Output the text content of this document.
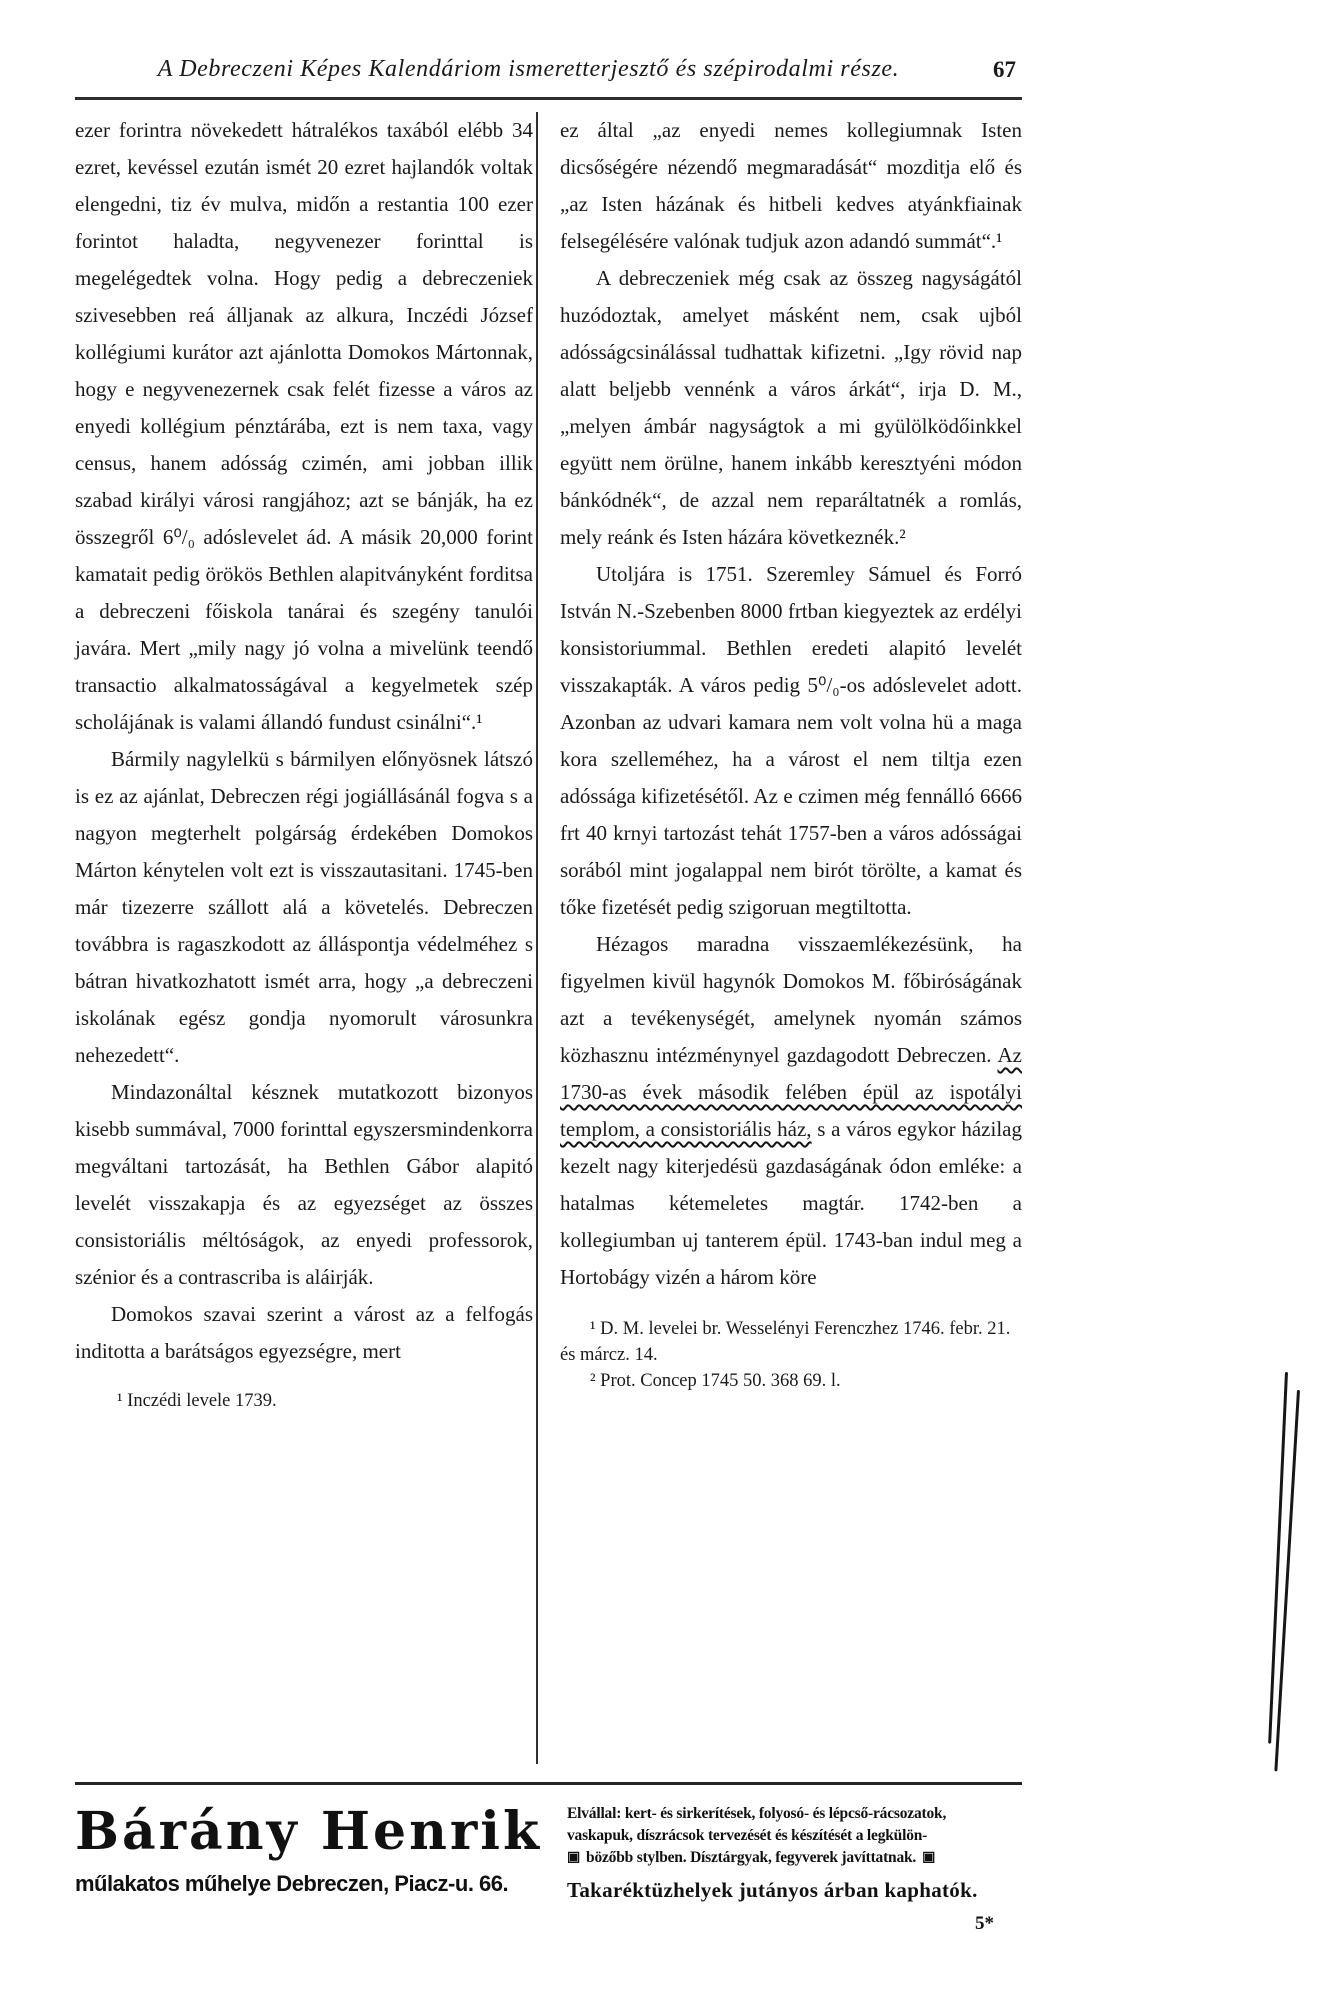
A Debreczeni Képes Kalendáriom ismeretterjesztő és szépirodalmi része.	67

ezer forintra növekedett hátralékos taxából elébb 34 ezret, kevéssel ezután ismét 20 ezret hajlandók voltak elengedni, tiz év mulva, midőn a restantia 100 ezer forintot haladta, negyvenezer forinttal is megelégedtek volna. Hogy pedig a debreczeniek szivesebben reá álljanak az alkura, Inczédi József kollégiumi kurátor azt ajánlotta Domokos Mártonnak, hogy e negyvenezernek csak felét fizesse a város az enyedi kollégium pénztárába, ezt is nem taxa, vagy census, hanem adósság czimén, ami jobban illik szabad királyi városi rangjához; azt se bánják, ha ez összegről 6⁰/₀ adóslevelet ád. A másik 20,000 forint kamatait pedig örökös Bethlen alapitványként forditsa a debreczeni főiskola tanárai és szegény tanulói javára. Mert „mily nagy jó volna a mivelünk teendő transactio alkalmatosságával a kegyelmetek szép scholájának is valami állandó fundust csinálni“.¹

Bármily nagylelkü s bármilyen előnyösnek látszó is ez az ajánlat, Debreczen régi jogiállásánál fogva s a nagyon megterhelt polgárság érdekében Domokos Márton kénytelen volt ezt is visszautasitani. 1745-ben már tizezerre szállott alá a követelés. Debreczen továbbra is ragaszkodott az álláspontja védelméhez s bátran hivatkozhatott ismét arra, hogy „a debreczeni iskolának egész gondja nyomorult városunkra nehezedett“.

Mindazonáltal késznek mutatkozott bizonyos kisebb summával, 7000 forinttal egyszersmindenkorra megváltani tartozását, ha Bethlen Gábor alapitó levelét visszakapja és az egyezséget az összes consistoriális méltóságok, az enyedi professorok, szénior és a contrascriba is aláirják.

Domokos szavai szerint a várost az a felfogás inditotta a barátságos egyezségre, mert

¹ Inczédi levele 1739.

ez által „az enyedi nemes kollegiumnak Isten dicsőségére nézendő megmaradását“ mozditja elő és „az Isten házának és hitbeli kedves atyánkfiainak felsegélésére valónak tudjuk azon adandó summát“.¹

A debreczeniek még csak az összeg nagyságától huzódoztak, amelyet másként nem, csak ujból adósságcsinálással tudhattak kifizetni. „Igy rövid nap alatt beljebb vennénk a város árkát“, irja D. M., „melyen ámbár nagyságtok a mi gyülölködőinkkel együtt nem örülne, hanem inkább keresztyéni módon bánkódnék“, de azzal nem reparáltatnék a romlás, mely reánk és Isten házára következnék.²

Utoljára is 1751. Szeremley Sámuel és Forró István N.-Szebenben 8000 frtban kiegyeztek az erdélyi konsistoriummal. Bethlen eredeti alapitó levelét visszakapták. A város pedig 5⁰/₀-os adóslevelet adott. Azonban az udvari kamara nem volt volna hü a maga kora szelleméhez, ha a várost el nem tiltja ezen adóssága kifizetésétől. Az e czimen még fennálló 6666 frt 40 krnyi tartozást tehát 1757-ben a város adósságai sorából mint jogalappal nem birót törölte, a kamat és tőke fizetését pedig szigoruan megtiltotta.

Hézagos maradna visszaemlékezésünk, ha figyelmen kivül hagynók Domokos M. főbiróságának azt a tevékenységét, amelynek nyomán számos közhasznu intézménynyel gazdagodott Debreczen. Az 1730-as évek második felében épül az ispotályi templom, a consistoriális ház, s a város egykor házilag kezelt nagy kiterjedésü gazdaságának ódon emléke: a hatalmas kétemeletes magtár. 1742-ben a kollegiumban uj tanterem épül. 1743-ban indul meg a Hortobágy vizén a három köre

¹ D. M. levelei br. Wesselényi Ferenczhez 1746. febr. 21. és márcz. 14.
² Prot. Concep 1745 50. 368 69. l.
Bárány Henrik
műlakatos műhelye Debreczen, Piacz-u. 66.
Elvállal: kert- és sirkerítések, folyosó- és lépcső-rácsozatok,
vaskapuk, díszrácsok tervezését és készítését a legkülön-
▣ bözőbb stylben. Dísztárgyak, fegyverek javíttatnak. ▣
Takaréktüzhelyek jutányos árban kaphatók.
5*
